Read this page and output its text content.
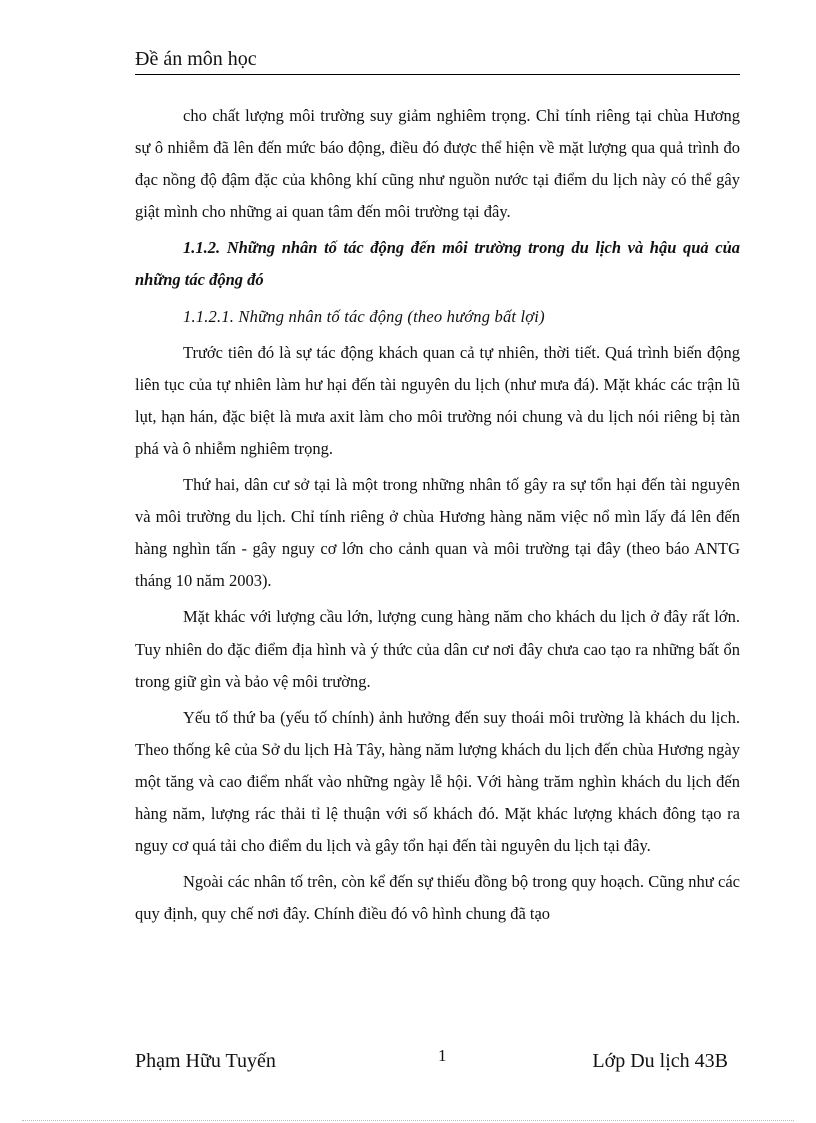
Đề án môn học

cho chất lượng môi trường suy giảm nghiêm trọng. Chỉ tính riêng tại chùa Hương sự ô nhiễm đã lên đến mức báo động, điều đó được thể hiện về mặt lượng qua quả trình đo đạc nồng độ đậm đặc của không khí cũng như nguồn nước tại điểm du lịch này có thể gây giật mình cho những ai quan tâm đến môi trường tại đây.

1.1.2. Những nhân tố tác động đến môi trường trong du lịch và hậu quả của những tác động đó

1.1.2.1. Những nhân tố tác động (theo hướng bất lợi)

Trước tiên đó là sự tác động khách quan cả tự nhiên, thời tiết. Quá trình biến động liên tục của tự nhiên làm hư hại đến tài nguyên du lịch (như mưa đá). Mặt khác các trận lũ lụt, hạn hán, đặc biệt là mưa axit làm cho môi trường nói chung và du lịch nói riêng bị tàn phá và ô nhiễm nghiêm trọng.

Thứ hai, dân cư sở tại là một trong những nhân tố gây ra sự tổn hại đến tài nguyên và môi trường du lịch. Chỉ tính riêng ở chùa Hương hàng năm việc nổ mìn lấy đá lên đến hàng nghìn tấn - gây nguy cơ lớn cho cảnh quan và môi trường tại đây (theo báo ANTG tháng 10 năm 2003).

Mặt khác với lượng cầu lớn, lượng cung hàng năm cho khách du lịch ở đây rất lớn. Tuy nhiên do đặc điểm địa hình và ý thức của dân cư nơi đây chưa cao tạo ra những bất ổn trong giữ gìn và bảo vệ môi trường.

Yếu tố thứ ba (yếu tố chính) ảnh hưởng đến suy thoái môi trường là khách du lịch. Theo thống kê của Sở du lịch Hà Tây, hàng năm lượng khách du lịch đến chùa Hương ngày một tăng và cao điểm nhất vào những ngày lễ hội. Với hàng trăm nghìn khách du lịch đến hàng năm, lượng rác thải tỉ lệ thuận với số khách đó. Mặt khác lượng khách đông tạo ra nguy cơ quá tải cho điểm du lịch và gây tổn hại đến tài nguyên du lịch tại đây.

Ngoài các nhân tố trên, còn kể đến sự thiếu đồng bộ trong quy hoạch. Cũng như các quy định, quy chế nơi đây. Chính điều đó vô hình chung đã tạo

Phạm Hữu Tuyến	1	Lớp Du lịch 43B
